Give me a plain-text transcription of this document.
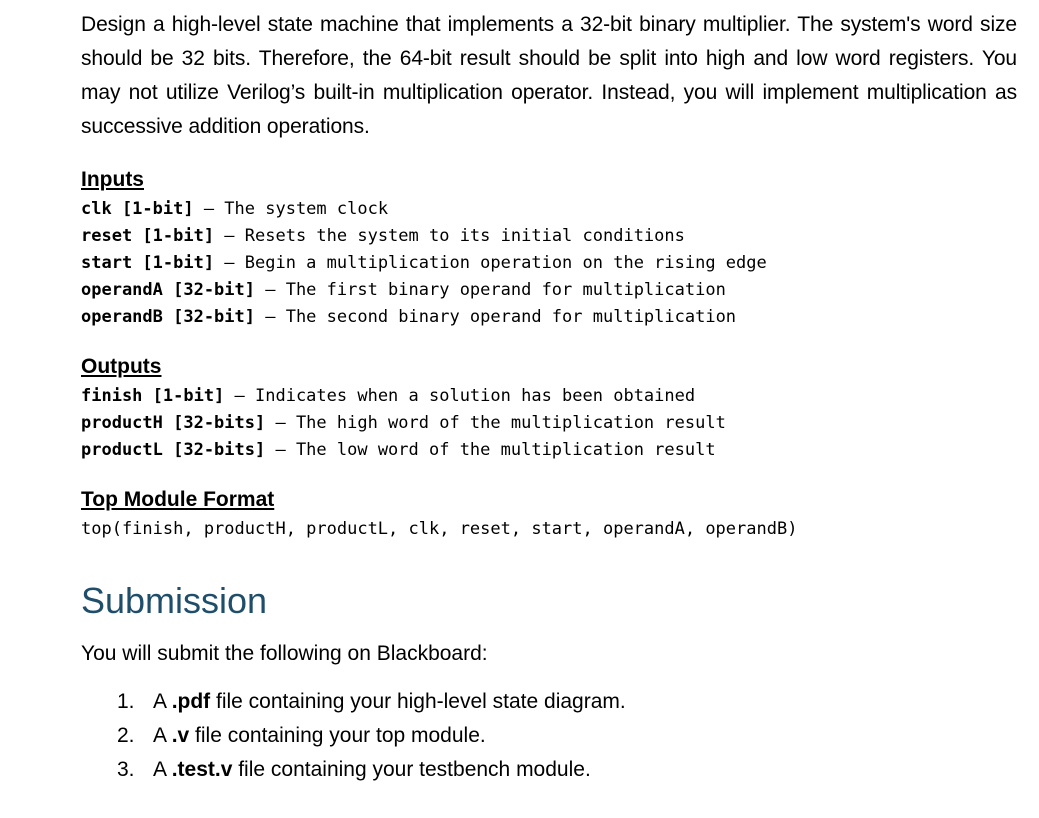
Design a high-level state machine that implements a 32-bit binary multiplier. The system's word size should be 32 bits. Therefore, the 64-bit result should be split into high and low word registers. You may not utilize Verilog’s built-in multiplication operator. Instead, you will implement multiplication as successive addition operations.

Inputs
clk [1-bit] – The system clock
reset [1-bit] – Resets the system to its initial conditions
start [1-bit] – Begin a multiplication operation on the rising edge
operandA [32-bit] – The first binary operand for multiplication
operandB [32-bit] – The second binary operand for multiplication
Outputs
finish [1-bit] – Indicates when a solution has been obtained
productH [32-bits] – The high word of the multiplication result
productL [32-bits] – The low word of the multiplication result
Top Module Format
top(finish, productH, productL, clk, reset, start, operandA, operandB)
Submission

You will submit the following on Blackboard:

1. A .pdf file containing your high-level state diagram.
2. A .v file containing your top module.
3. A .test.v file containing your testbench module.
